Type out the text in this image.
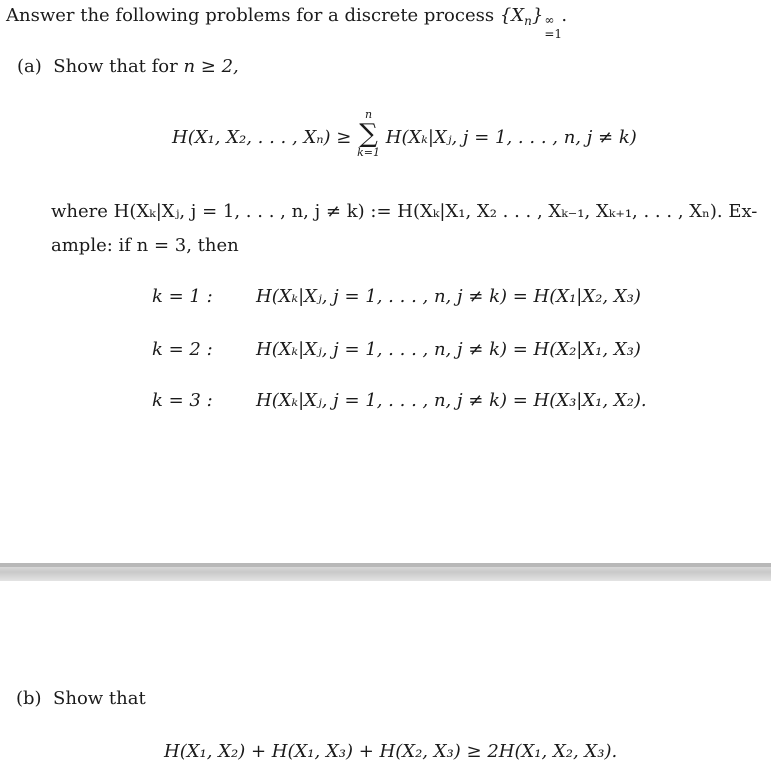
Answer the following problems for a discrete process $\{X_n\}$ ∞
=1
.
(a) Show that for n ≥ 2,
H(X₁, X₂, . . . , Xₙ) ≥
n
∑
k=1
H(Xₖ|Xⱼ, j = 1, . . . , n, j ≠ k)
where H(Xₖ|Xⱼ, j = 1, . . . , n, j ≠ k) := H(Xₖ|X₁, X₂ . . . , Xₖ₋₁, Xₖ₊₁, . . . , Xₙ). Ex-
ample: if n = 3, then
k = 1 : H(Xₖ|Xⱼ, j = 1, . . . , n, j ≠ k) = H(X₁|X₂, X₃)
k = 2 : H(Xₖ|Xⱼ, j = 1, . . . , n, j ≠ k) = H(X₂|X₁, X₃)
k = 3 : H(Xₖ|Xⱼ, j = 1, . . . , n, j ≠ k) = H(X₃|X₁, X₂).
(b) Show that
H(X₁, X₂) + H(X₁, X₃) + H(X₂, X₃) ≥ 2H(X₁, X₂, X₃).
